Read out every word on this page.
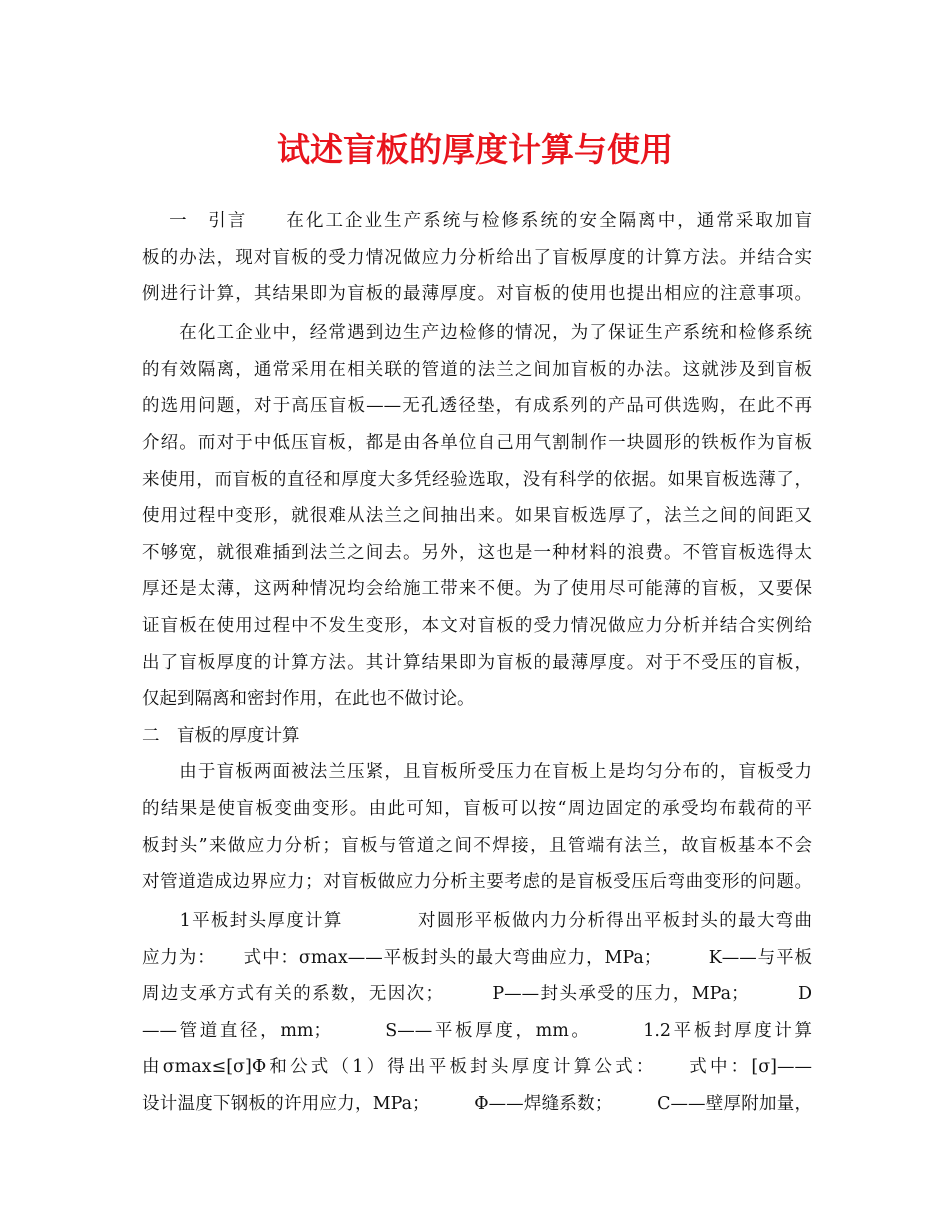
试述盲板的厚度计算与使用

　 一　引言　　在化工企业生产系统与检修系统的安全隔离中，通常采取加盲

板的办法，现对盲板的受力情况做应力分析给出了盲板厚度的计算方法。并结合实

例进行计算，其结果即为盲板的最薄厚度。对盲板的使用也提出相应的注意事项。

　　在化工企业中，经常遇到边生产边检修的情况，为了保证生产系统和检修系统

的有效隔离，通常采用在相关联的管道的法兰之间加盲板的办法。这就涉及到盲板

的选用问题，对于高压盲板——无孔透径垫，有成系列的产品可供选购，在此不再

介绍。而对于中低压盲板，都是由各单位自己用气割制作一块圆形的铁板作为盲板

来使用，而盲板的直径和厚度大多凭经验选取，没有科学的依据。如果盲板选薄了，

使用过程中变形，就很难从法兰之间抽出来。如果盲板选厚了，法兰之间的间距又

不够宽，就很难插到法兰之间去。另外，这也是一种材料的浪费。不管盲板选得太

厚还是太薄，这两种情况均会给施工带来不便。为了使用尽可能薄的盲板，又要保

证盲板在使用过程中不发生变形，本文对盲板的受力情况做应力分析并结合实例给

出了盲板厚度的计算方法。其计算结果即为盲板的最薄厚度。对于不受压的盲板，

仅起到隔离和密封作用，在此也不做讨论。

二　盲板的厚度计算

　　由于盲板两面被法兰压紧，且盲板所受压力在盲板上是均匀分布的，盲板受力

的结果是使盲板变曲变形。由此可知，盲板可以按“周边固定的承受均布载荷的平

板封头”来做应力分析；盲板与管道之间不焊接，且管端有法兰，故盲板基本不会

对管道造成边界应力；对盲板做应力分析主要考虑的是盲板受压后弯曲变形的问题。

　　1平板封头厚度计算　　　　对圆形平板做内力分析得出平板封头的最大弯曲

应力为：　　式中：σmax——平板封头的最大弯曲应力，MPa；　　　K——与平板

周边支承方式有关的系数，无因次；　　　P——封头承受的压力，MPa；　　　D

——管道直径，mm；　　　S——平板厚度，mm。　　　1.2平板封厚度计算

由σmax≤[σ]Φ和公式（1）得出平板封头厚度计算公式：　　式中：[σ]——

设计温度下钢板的许用应力，MPa；　　　Φ——焊缝系数；　　　C——壁厚附加量，
